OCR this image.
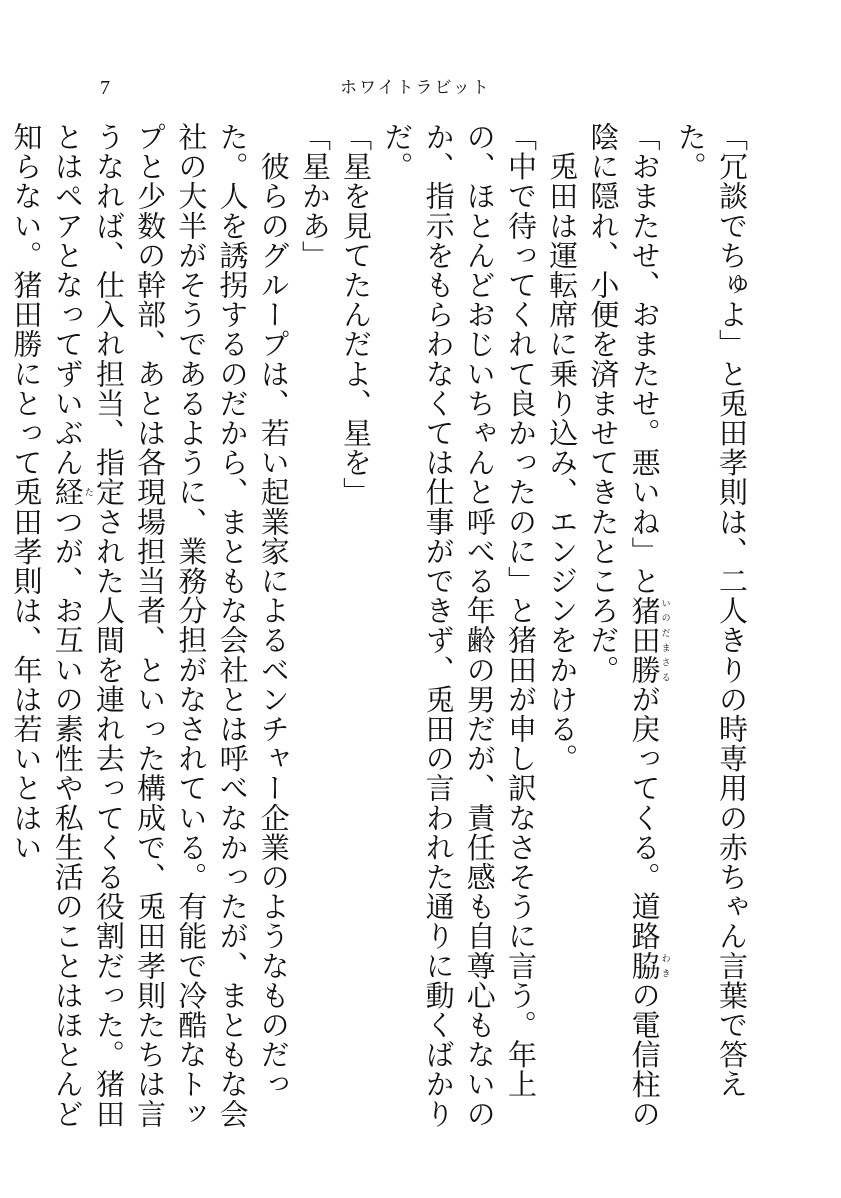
7	ホワイトラビット

「冗談でちゅよ」と兎田孝則は、二人きりの時専用の赤ちゃん言葉で答えた。

「おまたせ、おまたせ。悪いね」と猪田勝いのだまさるが戻ってくる。道路脇わきの電信柱の陰に隠れ、小便を済ませてきたところだ。

　兎田は運転席に乗り込み、エンジンをかける。

「中で待ってくれて良かったのに」と猪田が申し訳なさそうに言う。年上の、ほとんどおじいちゃんと呼べる年齢の男だが、責任感も自尊心もないのか、指示をもらわなくては仕事ができず、兎田の言われた通りに動くばかりだ。

「星を見てたんだよ、星を」

「星かあ」

　彼らのグループは、若い起業家によるベンチャー企業のようなものだった。人を誘拐するのだから、まともな会社とは呼べなかったが、まともな会社の大半がそうであるように、業務分担がなされている。有能で冷酷なトップと少数の幹部、あとは各現場担当者、といった構成で、兎田孝則たちは言うなれば、仕入れ担当、指定された人間を連れ去ってくる役割だった。猪田とはペアとなってずいぶん経たつが、お互いの素性や私生活のことはほとんど知らない。猪田勝にとって兎田孝則は、年は若いとはい
